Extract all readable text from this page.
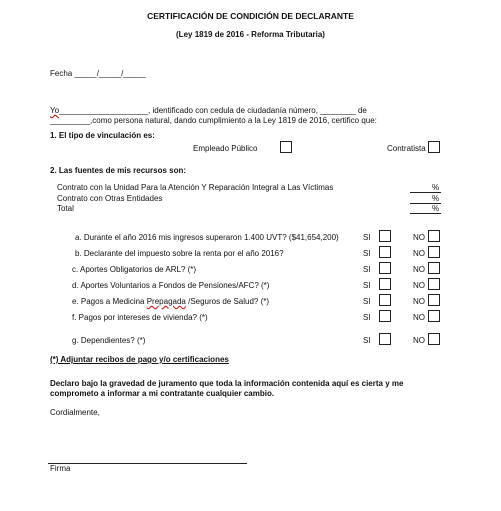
CERTIFICACIÓN DE CONDICIÓN DE DECLARANTE
(Ley 1819 de 2016 - Reforma Tributaria)
Fecha _____/_____/_____
Yo____________________, identificado con cedula de ciudadanía número, ________ de
_________,como persona natural, dando cumplimiento a la Ley 1819 de 2016, certifico que:
1. El tipo de vinculación es:
Empleado Público	Contratista
2. Las fuentes de mis recursos son:
Contrato con la Unidad Para la Atención Y Reparación Integral a Las Víctimas	%
Contrato con Otras Entidades	%
Total	%
a. Durante el año 2016 mis ingresos superaron 1.400 UVT? ($41,654,200)	SI	NO
b. Declarante del impuesto sobre la renta por el año 2016?	SI	NO
c. Aportes Obligatorios de ARL? (*)	SI	NO
d. Aportes Voluntarios a Fondos de Pensiones/AFC? (*)	SI	NO
e. Pagos a Medicina Prepagada /Seguros de Salud? (*)	SI	NO
f. Pagos por intereses de vivienda? (*)	SI	NO
g. Dependientes? (*)	SI	NO
(*) Adjuntar recibos de pago y/o certificaciones
Declaro bajo la gravedad de juramento que toda la información contenida aquí es cierta y me
comprometo a informar a mi contratante cualquier cambio.
Cordialmente,
Firma
